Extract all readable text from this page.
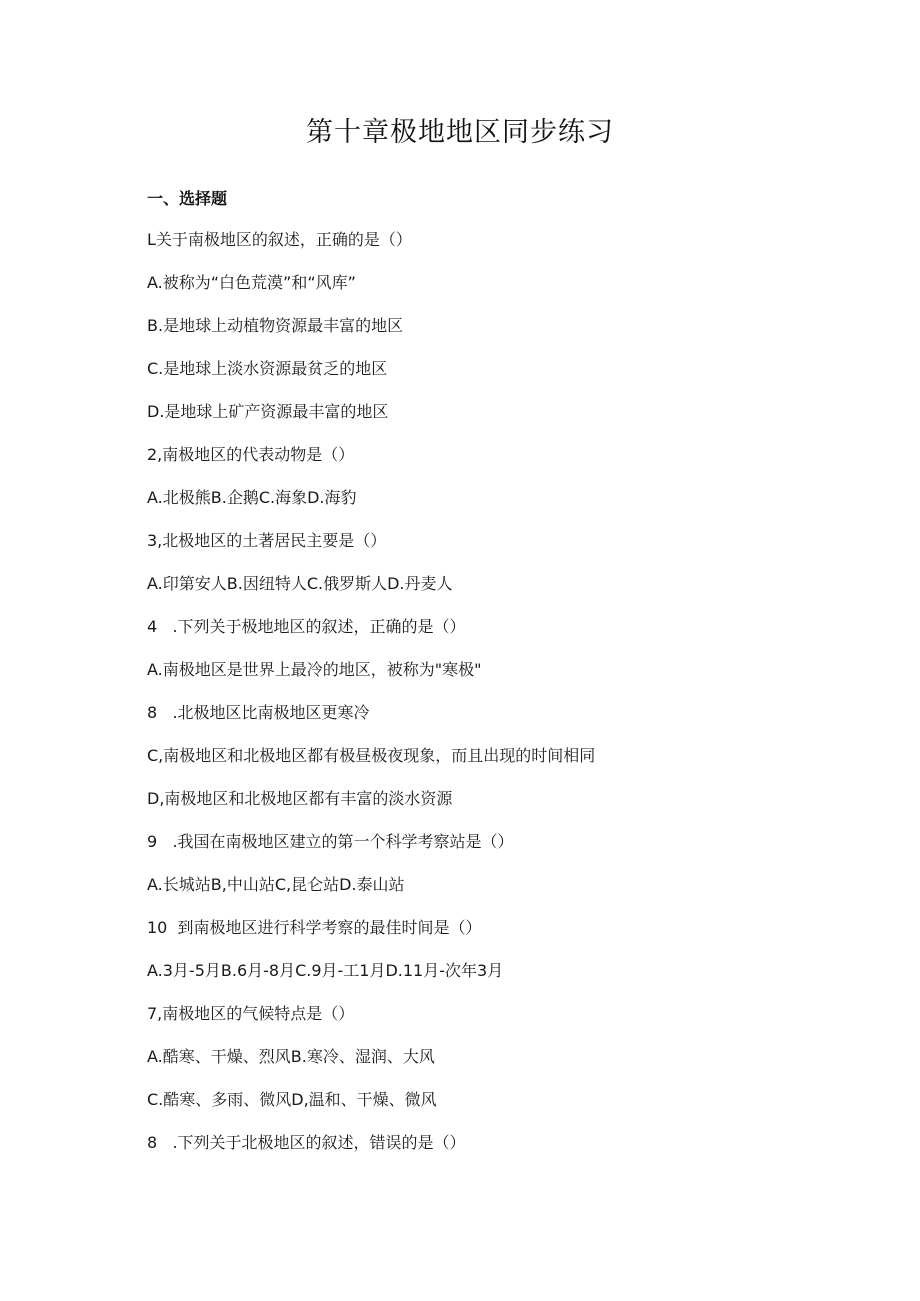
第十章极地地区同步练习
一、选择题
L关于南极地区的叙述，正确的是（）
A.被称为“白色荒漠”和“风库”
B.是地球上动植物资源最丰富的地区
C.是地球上淡水资源最贫乏的地区
D.是地球上矿产资源最丰富的地区
2,南极地区的代表动物是（）
A.北极熊B.企鹅C.海象D.海豹
3,北极地区的土著居民主要是（）
A.印第安人B.因纽特人C.俄罗斯人D.丹麦人
4   .下列关于极地地区的叙述，正确的是（）
A.南极地区是世界上最冷的地区，被称为"寒极"
8   .北极地区比南极地区更寒冷
C,南极地区和北极地区都有极昼极夜现象，而且出现的时间相同
D,南极地区和北极地区都有丰富的淡水资源
9   .我国在南极地区建立的第一个科学考察站是（）
A.长城站B,中山站C,昆仑站D.泰山站
10  到南极地区进行科学考察的最佳时间是（）
A.3月-5月B.6月-8月C.9月-工1月D.11月-次年3月
7,南极地区的气候特点是（）
A.酷寒、干燥、烈风B.寒冷、湿润、大风
C.酷寒、多雨、微风D,温和、干燥、微风
8   .下列关于北极地区的叙述，错误的是（）
